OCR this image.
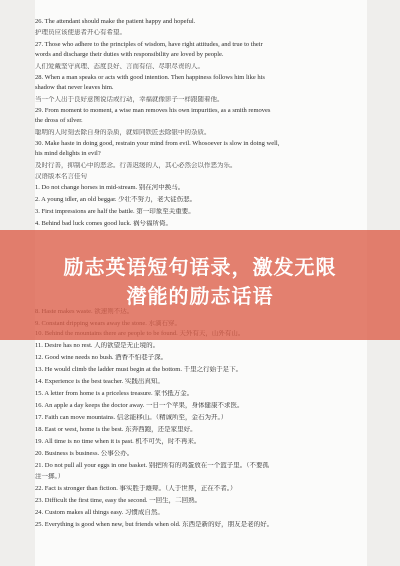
26. The attendant should make the patient happy and hopeful.
护理员应该使患者开心有希望。
27. Those who adhere to the principles of wisdom, have right attitudes, and true to their
words and discharge their duties with responsibility are loved by people.
人们爱戴坚守真理、态度良好、言而有信、尽职尽责的人。
28. When a man speaks or acts with good intention. Then happiness follows him like his
shadow that never leaves him.
当一个人出于良好意图说话或行动，幸福就像影子一样跟随着他。
29. From moment to moment, a wise man removes his own impurities, as a smith removes
the dross of silver.
聪明的人时刻去除自身的杂质，就如同铁匠去除银中的杂质。
30. Make haste in doing good, restrain your mind from evil. Whosoever is slow in doing well,
his mind delights in evil?
及时行善，抑制心中的恶念。行善迟缓的人，其心必然会以作恶为乐。
汉语版本名言佳句
1. Do not change horses in mid-stream. 别在河中换马。
2. A young idler, an old beggar. 少壮不努力，老大徒伤悲。
3. First impressions are half the battle. 第一印象至关重要。
4. Behind bad luck comes good luck. 祸兮福所倚。
11. Desire has no rest. 人的欲望是无止境的。
12. Good wine needs no bush. 酒香不怕巷子深。
13. He would climb the ladder must begin at the bottom. 千里之行始于足下。
14. Experience is the best teacher. 实践出真知。
15. A letter from home is a priceless treasure. 家书抵万金。
16. An apple a day keeps the doctor away. 一日一个苹果，身体健康不求医。
17. Faith can move mountains. 信念能移山。（精诚所至，金石为开。）
18. East or west, home is the best. 东奔西跑，还是家里好。
19. All time is no time when it is past. 机不可失，时不再来。
20. Business is business. 公事公办。
21. Do not pull all your eggs in one basket. 别把所有的鸡蛋放在一个篮子里。（不要孤
注一掷。）
22. Fact is stronger than fiction. 事实胜于雄辩。（人于世界，正在不者。）
23. Difficult the first time, easy the second. 一回生，二回熟。
24. Custom makes all things easy. 习惯成自然。
25. Everything is good when new, but friends when old. 东西是新的好，朋友是老的好。
励志英语短句语录，激发无限
潜能的励志话语
